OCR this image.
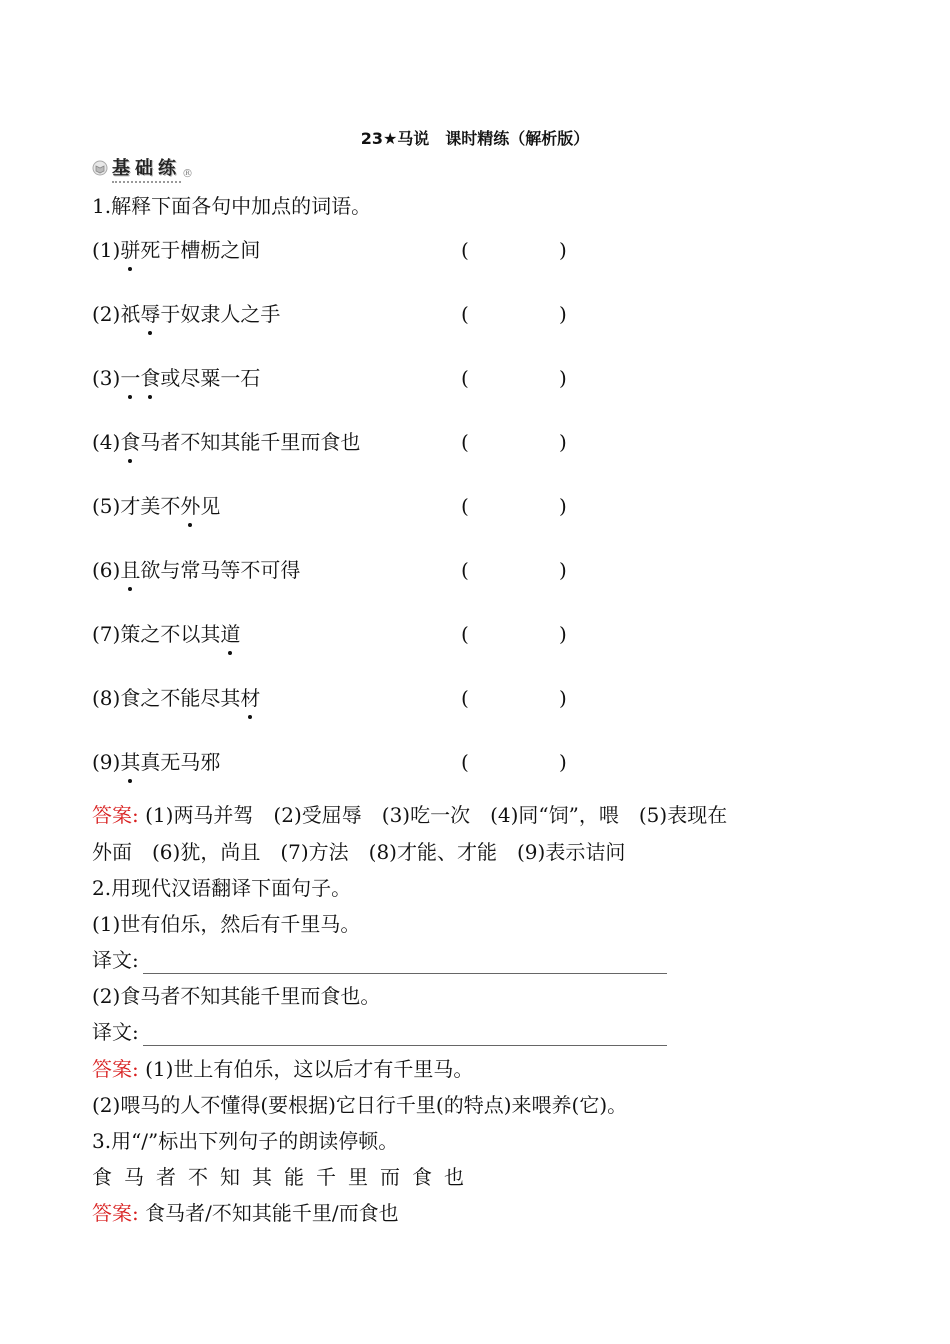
23★马说　课时精练（解析版）
基础练 ®
1.解释下面各句中加点的词语。
(1)骈死于槽枥之间	(	)
(2)祇辱于奴隶人之手	(	)
(3)一食或尽粟一石	(	)
(4)食马者不知其能千里而食也	(	)
(5)才美不外见	(	)
(6)且欲与常马等不可得	(	)
(7)策之不以其道	(	)
(8)食之不能尽其材	(	)
(9)其真无马邪	(	)
答案: (1)两马并驾　(2)受屈辱　(3)吃一次　(4)同“饲”，喂　(5)表现在
外面　(6)犹，尚且　(7)方法　(8)才能、才能　(9)表示诘问
2.用现代汉语翻译下面句子。
(1)世有伯乐，然后有千里马。
译文:
(2)食马者不知其能千里而食也。
译文:
答案: (1)世上有伯乐，这以后才有千里马。
(2)喂马的人不懂得(要根据)它日行千里(的特点)来喂养(它)。
3.用“/”标出下列句子的朗读停顿。
食马者不知其能千里而食也
答案: 食马者/不知其能千里/而食也
